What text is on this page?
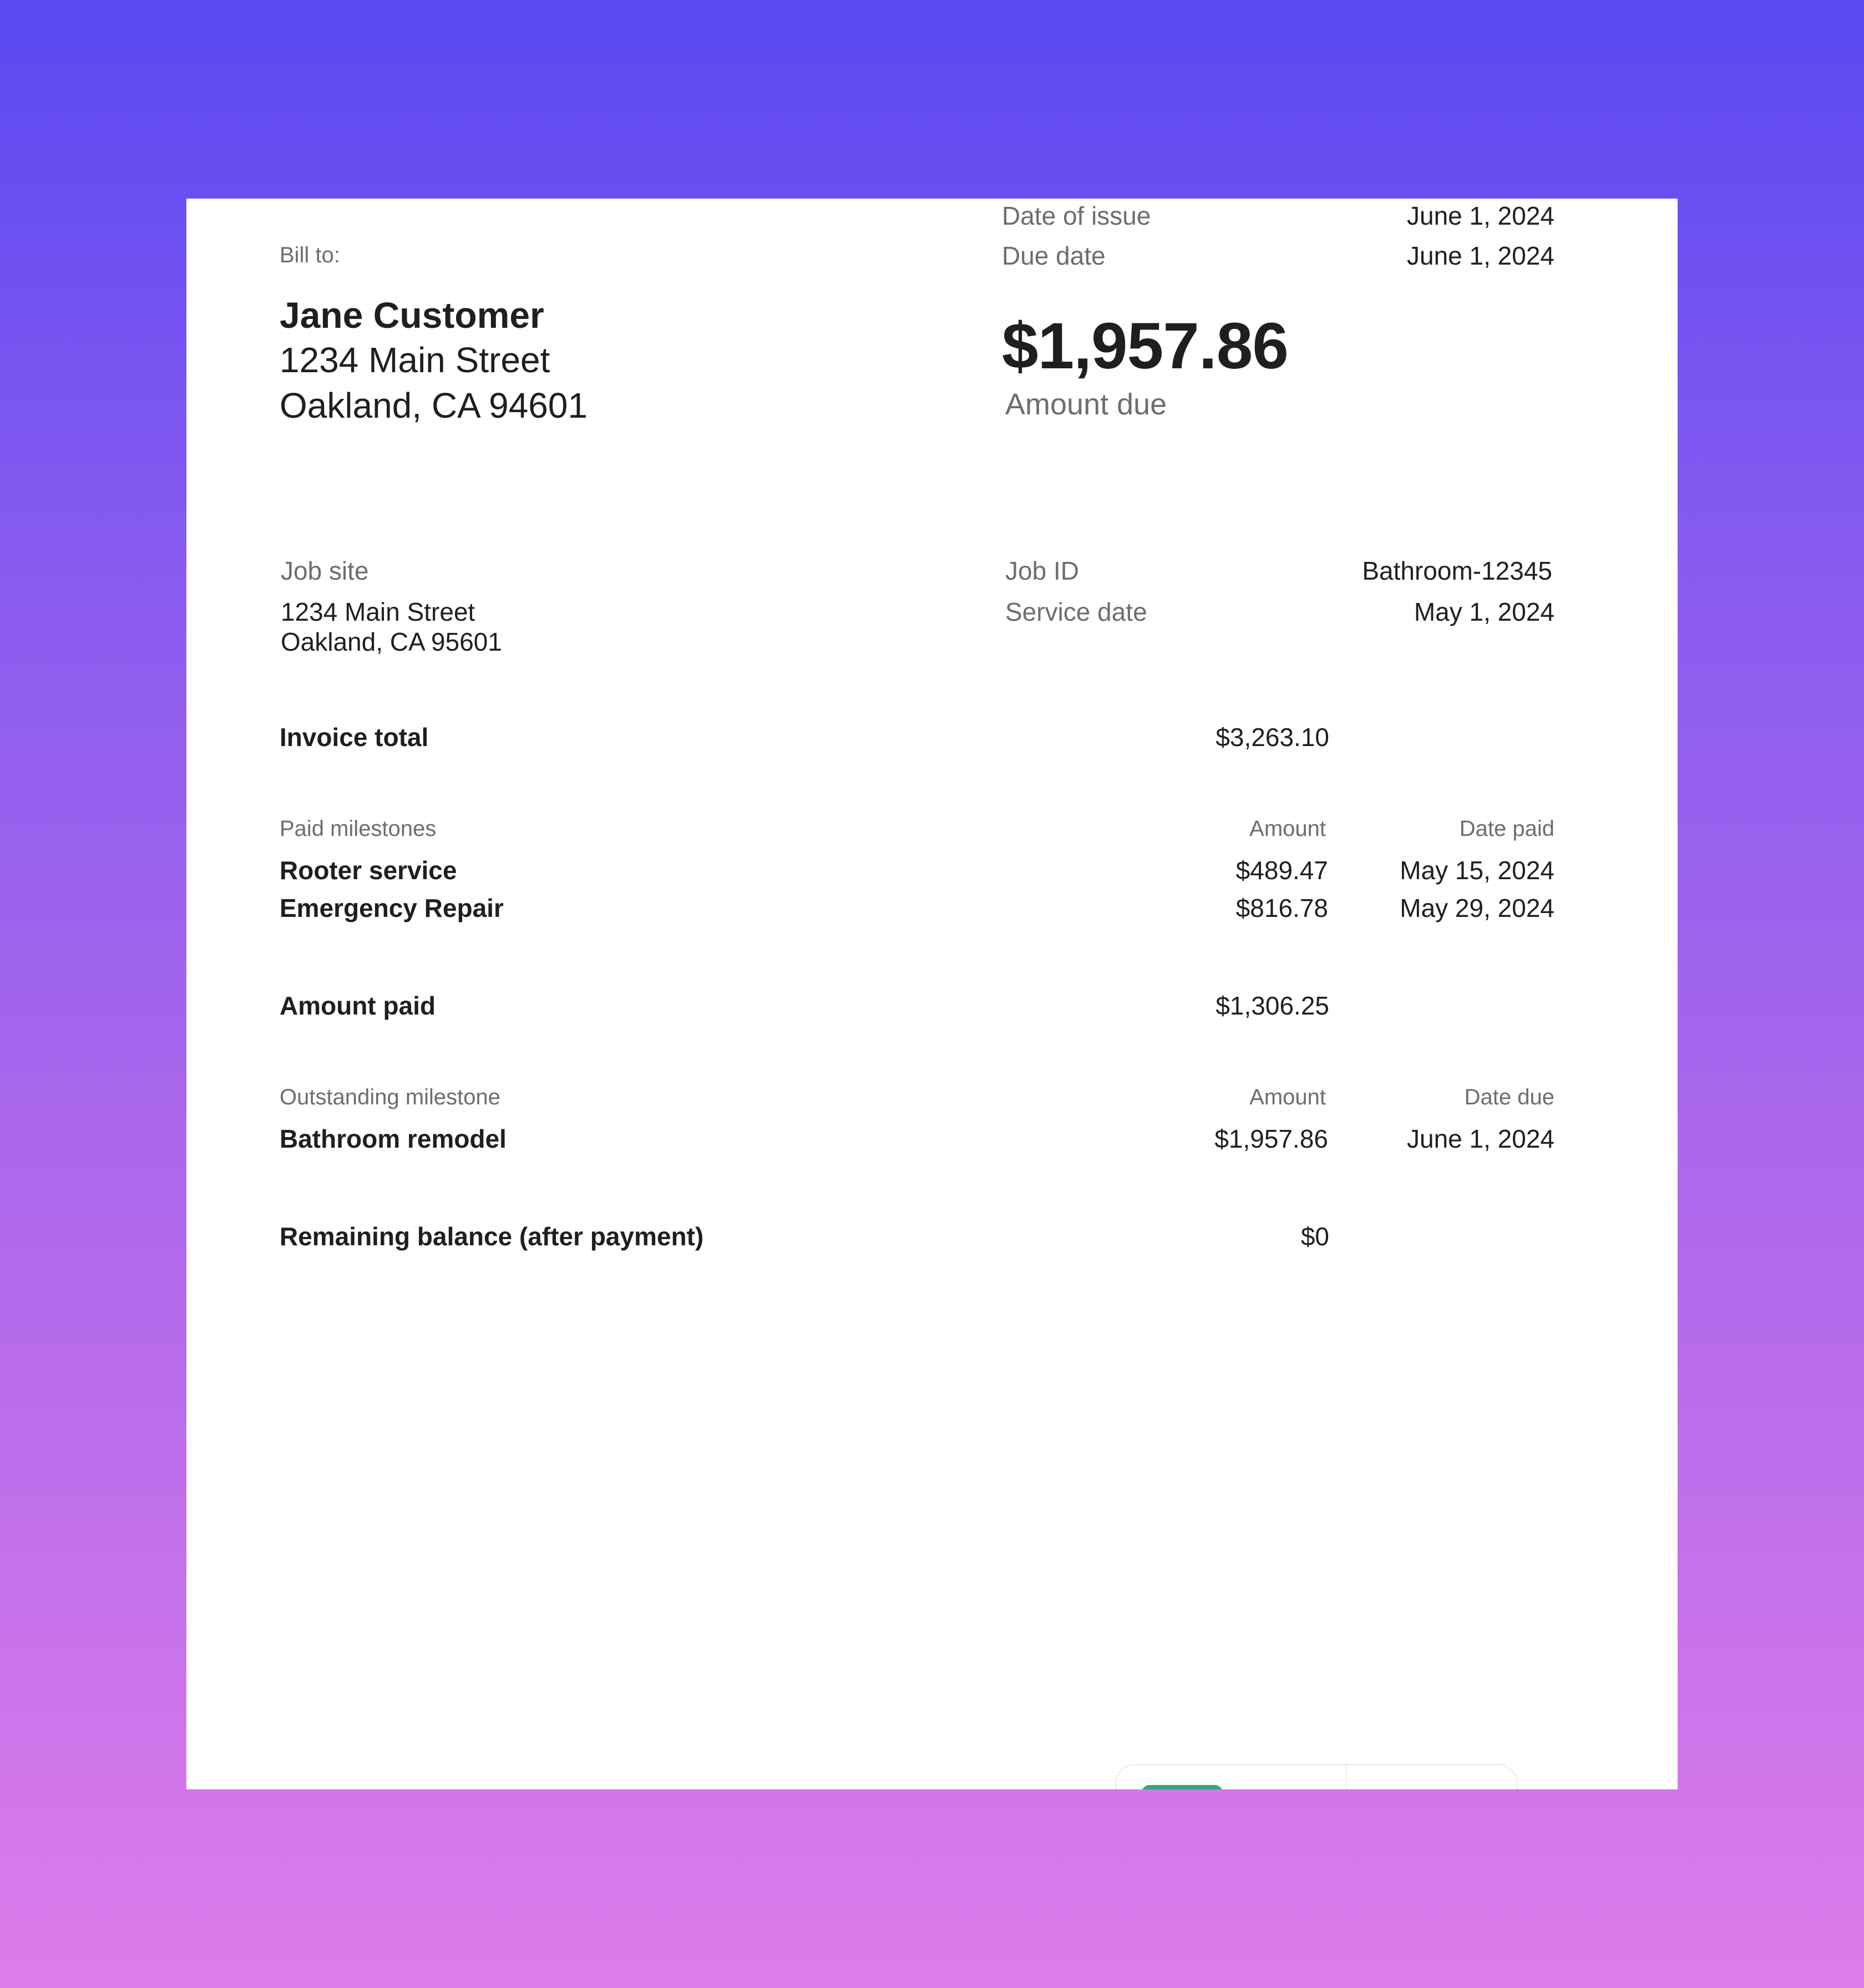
Bill to:
Jane Customer
1234 Main Street
Oakland, CA 94601
Date of issue	June 1, 2024
Due date	June 1, 2024
$1,957.86
Amount due
Job site
1234 Main Street
Oakland, CA 95601
Job ID	Bathroom-12345
Service date	May 1, 2024
Invoice total	$3,263.10
Paid milestones	Amount	Date paid
Rooter service	$489.47	May 15, 2024
Emergency Repair	$816.78	May 29, 2024
Amount paid	$1,306.25
Outstanding milestone	Amount	Date due
Bathroom remodel	$1,957.86	June 1, 2024
Remaining balance (after payment)	$0
